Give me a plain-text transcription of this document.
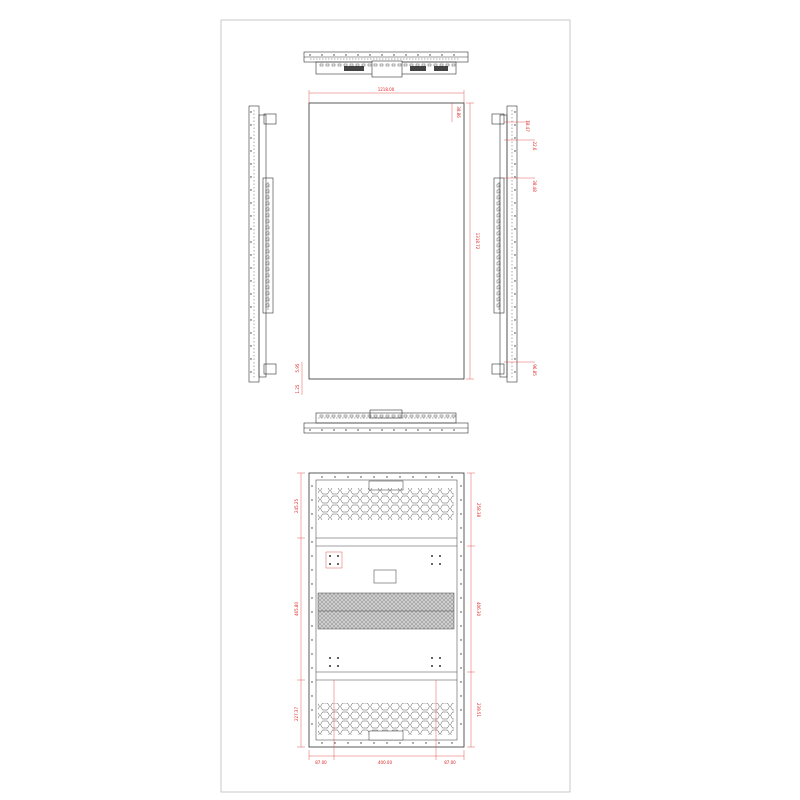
1218.00
1318.72
38.86
5.95
1.25
18.47
22.6
38.48
96.85
245.25
465.80
227.37
258.38
406.30
239.51
87.00	400.00	87.00
